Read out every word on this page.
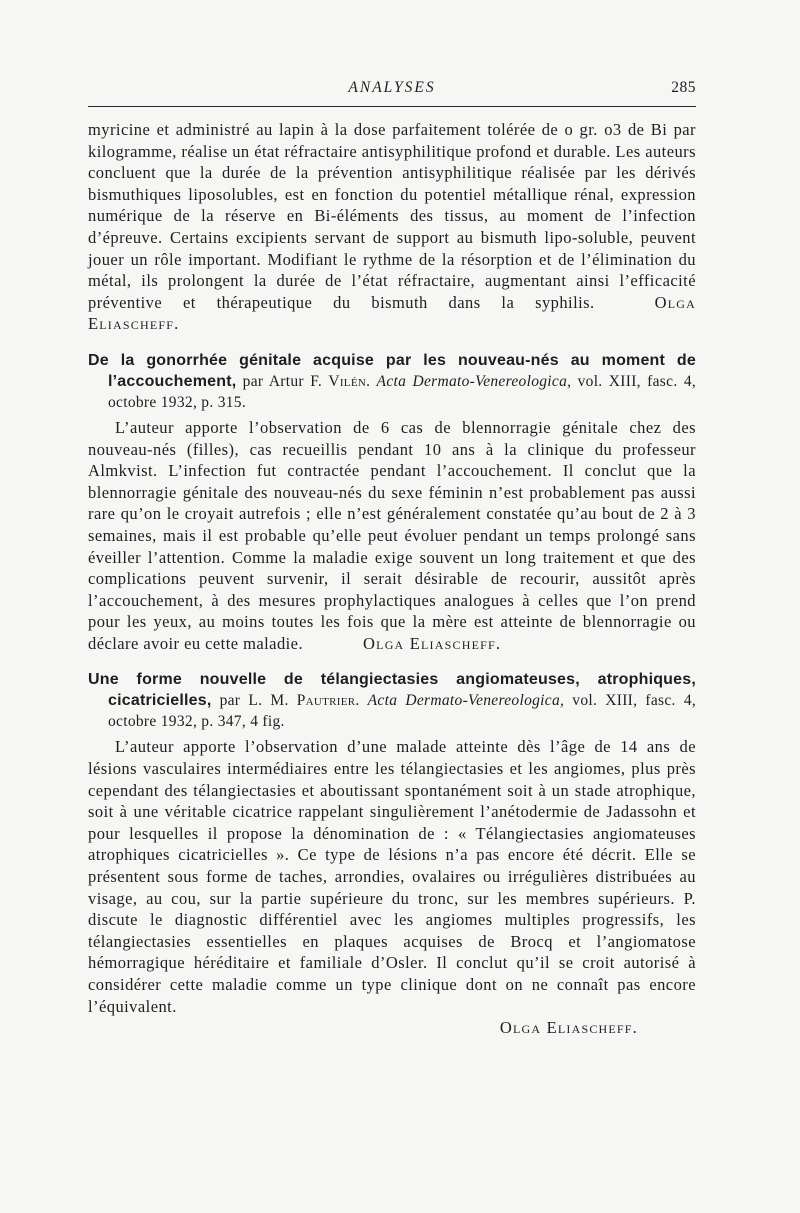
ANALYSES	285

myricine et administré au lapin à la dose parfaitement tolérée de o gr. o3 de Bi par kilogramme, réalise un état réfractaire antisyphilitique profond et durable. Les auteurs concluent que la durée de la prévention antisyphilitique réalisée par les dérivés bismuthiques liposolubles, est en fonction du potentiel métallique rénal, expression numérique de la réserve en Bi-éléments des tissus, au moment de l’infection d’épreuve. Certains excipients servant de support au bismuth lipo-soluble, peuvent jouer un rôle important. Modifiant le rythme de la résorption et de l’élimination du métal, ils prolongent la durée de l’état réfractaire, augmentant ainsi l’efficacité préventive et thérapeutique du bismuth dans la syphilis.	Olga Eliascheff.

De la gonorrhée génitale acquise par les nouveau-nés au moment de l’accouchement, par Artur F. Vilén. Acta Dermato-Venereologica, vol. XIII, fasc. 4, octobre 1932, p. 315.

L’auteur apporte l’observation de 6 cas de blennorragie génitale chez des nouveau-nés (filles), cas recueillis pendant 10 ans à la clinique du professeur Almkvist. L’infection fut contractée pendant l’accouchement. Il conclut que la blennorragie génitale des nouveau-nés du sexe féminin n’est probablement pas aussi rare qu’on le croyait autrefois ; elle n’est généralement constatée qu’au bout de 2 à 3 semaines, mais il est probable qu’elle peut évoluer pendant un temps prolongé sans éveiller l’attention. Comme la maladie exige souvent un long traitement et que des complications peuvent survenir, il serait désirable de recourir, aussitôt après l’accouchement, à des mesures prophylactiques analogues à celles que l’on prend pour les yeux, au moins toutes les fois que la mère est atteinte de blennorragie ou déclare avoir eu cette maladie.	Olga Eliascheff.

Une forme nouvelle de télangiectasies angiomateuses, atrophiques, cicatricielles, par L. M. Pautrier. Acta Dermato-Venereologica, vol. XIII, fasc. 4, octobre 1932, p. 347, 4 fig.

L’auteur apporte l’observation d’une malade atteinte dès l’âge de 14 ans de lésions vasculaires intermédiaires entre les télangiectasies et les angiomes, plus près cependant des télangiectasies et aboutissant spontanément soit à un stade atrophique, soit à une véritable cicatrice rappelant singulièrement l’anétodermie de Jadassohn et pour lesquelles il propose la dénomination de : « Télangiectasies angiomateuses atrophiques cicatricielles ». Ce type de lésions n’a pas encore été décrit. Elle se présentent sous forme de taches, arrondies, ovalaires ou irrégulières distribuées au visage, au cou, sur la partie supérieure du tronc, sur les membres supérieurs. P. discute le diagnostic différentiel avec les angiomes multiples progressifs, les télangiectasies essentielles en plaques acquises de Brocq et l’angiomatose hémorragique héréditaire et familiale d’Osler. Il conclut qu’il se croit autorisé à considérer cette maladie comme un type clinique dont on ne connaît pas encore l’équivalent.

Olga Eliascheff.
